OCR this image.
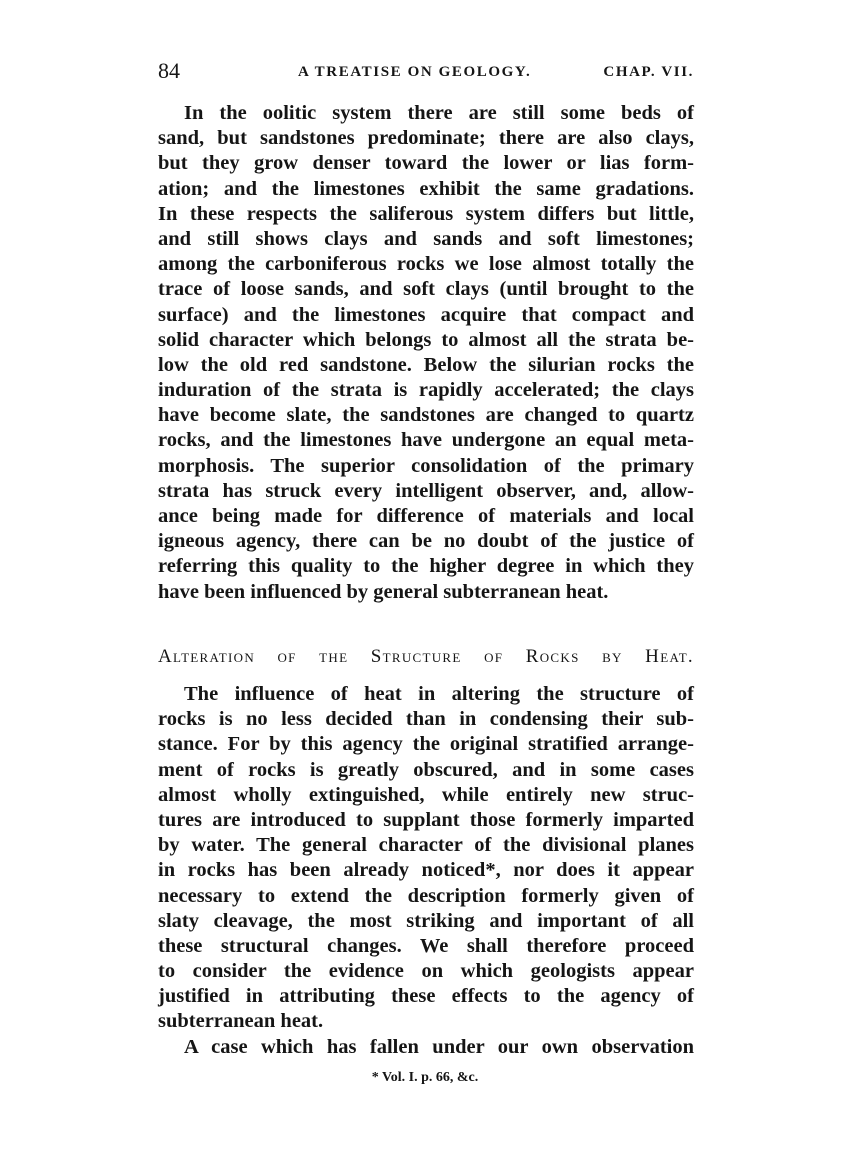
84	A TREATISE ON GEOLOGY.	CHAP. VII.
In the oolitic system there are still some beds of
sand, but sandstones predominate; there are also clays,
but they grow denser toward the lower or lias form-
ation; and the limestones exhibit the same gradations.
In these respects the saliferous system differs but little,
and still shows clays and sands and soft limestones;
among the carboniferous rocks we lose almost totally the
trace of loose sands, and soft clays (until brought to the
surface) and the limestones acquire that compact and
solid character which belongs to almost all the strata be-
low the old red sandstone. Below the silurian rocks the
induration of the strata is rapidly accelerated; the clays
have become slate, the sandstones are changed to quartz
rocks, and the limestones have undergone an equal meta-
morphosis. The superior consolidation of the primary
strata has struck every intelligent observer, and, allow-
ance being made for difference of materials and local
igneous agency, there can be no doubt of the justice of
referring this quality to the higher degree in which they
have been influenced by general subterranean heat.
Alteration of the Structure of Rocks by Heat.
The influence of heat in altering the structure of
rocks is no less decided than in condensing their sub-
stance. For by this agency the original stratified arrange-
ment of rocks is greatly obscured, and in some cases
almost wholly extinguished, while entirely new struc-
tures are introduced to supplant those formerly imparted
by water. The general character of the divisional planes
in rocks has been already noticed*, nor does it appear
necessary to extend the description formerly given of
slaty cleavage, the most striking and important of all
these structural changes. We shall therefore proceed
to consider the evidence on which geologists appear
justified in attributing these effects to the agency of
subterranean heat.
A case which has fallen under our own observation
* Vol. I. p. 66, &c.
